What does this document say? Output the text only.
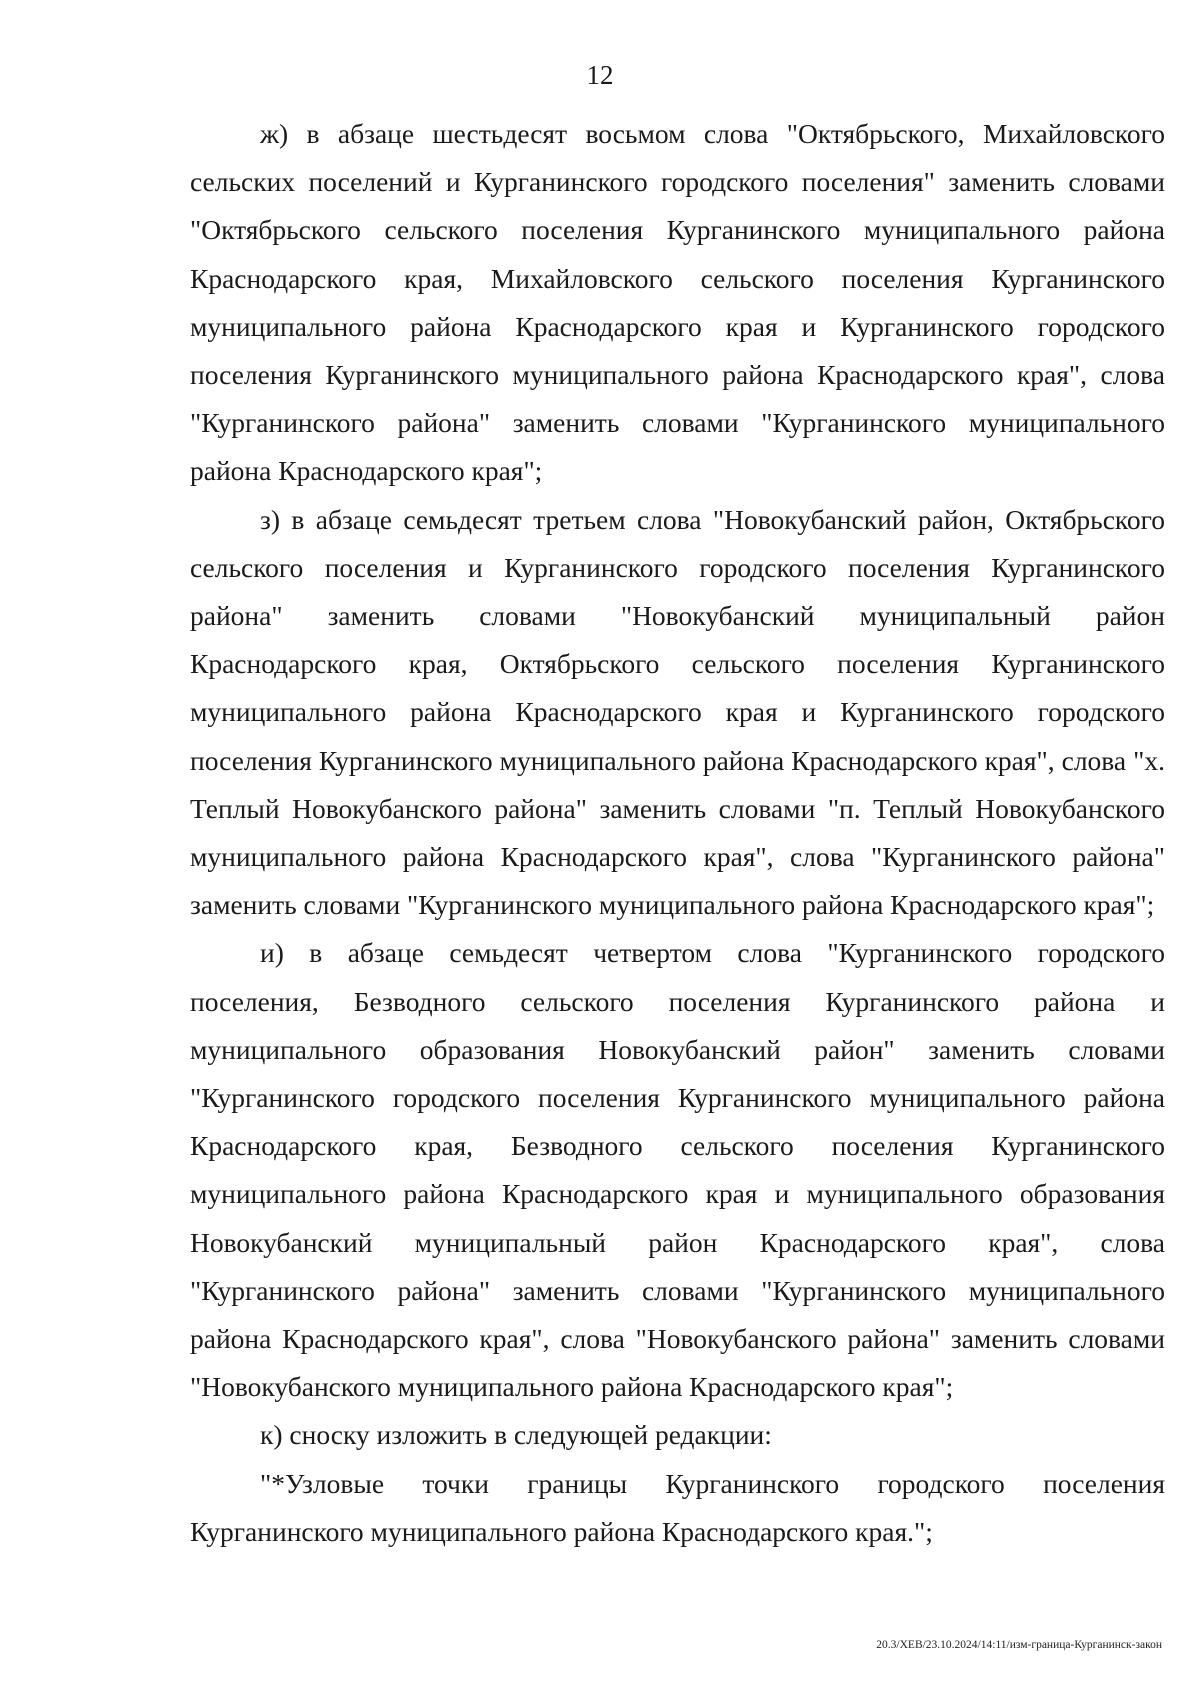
12

ж) в абзаце шестьдесят восьмом слова "Октябрьского, Михайловского сельских поселений и Курганинского городского поселения" заменить словами "Октябрьского сельского поселения Курганинского муниципального района Краснодарского края, Михайловского сельского поселения Курганинского муниципального района Краснодарского края и Курганинского городского поселения Курганинского муниципального района Краснодарского края", слова "Курганинского района" заменить словами "Курганинского муниципального района Краснодарского края";

з) в абзаце семьдесят третьем слова "Новокубанский район, Октябрьского сельского поселения и Курганинского городского поселения Курганинского района" заменить словами "Новокубанский муниципальный район Краснодарского края, Октябрьского сельского поселения Курганинского муниципального района Краснодарского края и Курганинского городского поселения Курганинского муниципального района Краснодарского края", слова "х. Теплый Новокубанского района" заменить словами "п. Теплый Новокубанского муниципального района Краснодарского края", слова "Курганинского района" заменить словами "Курганинского муниципального района Краснодарского края";

и) в абзаце семьдесят четвертом слова "Курганинского городского поселения, Безводного сельского поселения Курганинского района и муниципального образования Новокубанский район" заменить словами "Курганинского городского поселения Курганинского муниципального района Краснодарского края, Безводного сельского поселения Курганинского муниципального района Краснодарского края и муниципального образования Новокубанский муниципальный район Краснодарского края", слова "Курганинского района" заменить словами "Курганинского муниципального района Краснодарского края", слова "Новокубанского района" заменить словами "Новокубанского муниципального района Краснодарского края";

к) сноску изложить в следующей редакции:

"*Узловые точки границы Курганинского городского поселения Курганинского муниципального района Краснодарского края.";

20.3/ХЕВ/23.10.2024/14:11/изм-граница-Курганинск-закон
